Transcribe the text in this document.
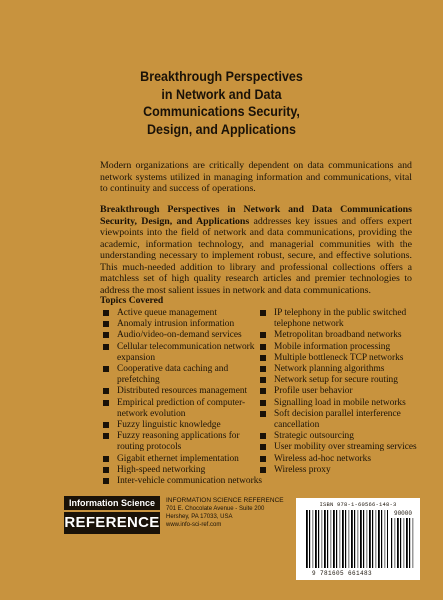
Breakthrough Perspectives
in Network and Data
Communications Security,
Design, and Applications

Modern organizations are critically dependent on data communications and network systems utilized in managing information and communications, vital to continuity and success of operations.

Breakthrough Perspectives in Network and Data Communications Security, Design, and Applications addresses key issues and offers expert viewpoints into the field of network and data communications, providing the academic, information technology, and managerial communities with the understanding necessary to implement robust, secure, and effective solutions. This much-needed addition to library and professional collections offers a matchless set of high quality research articles and premier technologies to address the most salient issues in network and data communications.

Topics Covered
Active queue management
Anomaly intrusion information
Audio/video-on-demand services
Cellular telecommunication network expansion
Cooperative data caching and prefetching
Distributed resources management
Empirical prediction of computer-network evolution
Fuzzy linguistic knowledge
Fuzzy reasoning applications for routing protocols
Gigabit ethernet implementation
High-speed networking
Inter-vehicle communication networks
IP telephony in the public switched telephone network
Metropolitan broadband networks
Mobile information processing
Multiple bottleneck TCP networks
Network planning algorithms
Network setup for secure routing
Profile user behavior
Signalling load in mobile networks
Soft decision parallel interference cancellation
Strategic outsourcing
User mobility over streaming services
Wireless ad-hoc networks
Wireless proxy
Information Science
REFERENCE
INFORMATION SCIENCE REFERENCE
701 E. Chocolate Avenue - Suite 200
Hershey, PA 17033, USA
www.info-sci-ref.com
ISBN 978-1-60566-148-3
9 781605 661483
90000
